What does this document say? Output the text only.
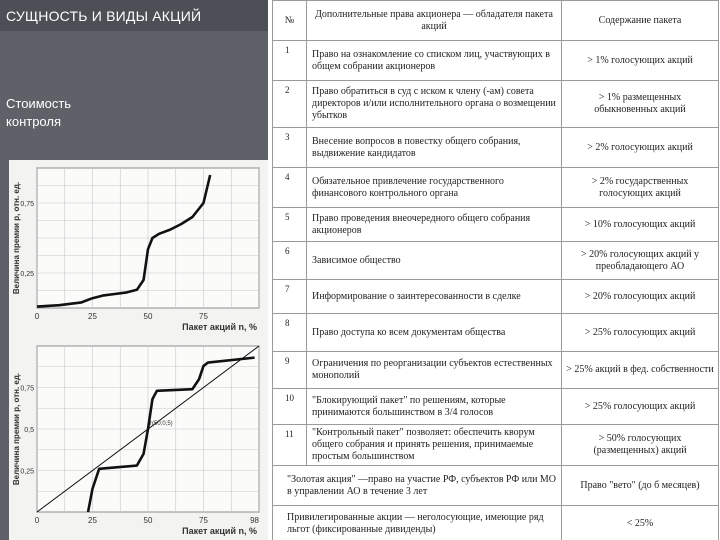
СУЩНОСТЬ И ВИДЫ АКЦИЙ
Стоимость контроля
0	25	50	75
0,25
0,75
Пакет акций n, %
Величина премии p, отн. ед.
0	25	50	75	98
0,25
0,5
0,75
Пакет акций n, %
Величина премии p, отн. ед.	r(50;0,5)
№	Дополнительные права акционера — обладателя пакета акций	Содержание пакета
1	Право на ознакомление со списком лиц, участвующих в общем собрании акционеров	> 1% голосующих акций
2	Право обратиться в суд с иском к члену (-ам) совета директоров и/или исполнительного органа о возмещении убытков	> 1% размещенных обыкновенных акций
3	Внесение вопросов в повестку общего собрания, выдвижение кандидатов	> 2% голосующих акций
4	Обязательное привлечение государственного финансового контрольного органа	> 2% государственных голосующих акций
5	Право проведения внеочередного общего собрания акционеров	> 10% голосующих акций
6	Зависимое общество	> 20% голосующих акций у преобладающего АО
7	Информирование о заинтересованности в сделке	> 20% голосующих акций
8	Право доступа ко всем документам общества	> 25% голосующих акций
9	Ограничения по реорганизации субъектов естественных монополий	> 25% акций в фед. собственности
10	"Блокирующий пакет" по решениям, которые принимаются большинством в 3/4 голосов	> 25% голосующих акций
11	"Контрольный пакет" позволяет: обеспечить кворум общего собрания и принять решения, принимаемые простым большинством	> 50% голосующих (размещенных) акций
"Золотая акция" —право на участие РФ, субъектов РФ или МО в управлении АО в течение 3 лет		Право "вето" (до б месяцев)
Привилегированные акции — неголосующие, имеющие ряд льгот (фиксированные дивиденды)		< 25%
